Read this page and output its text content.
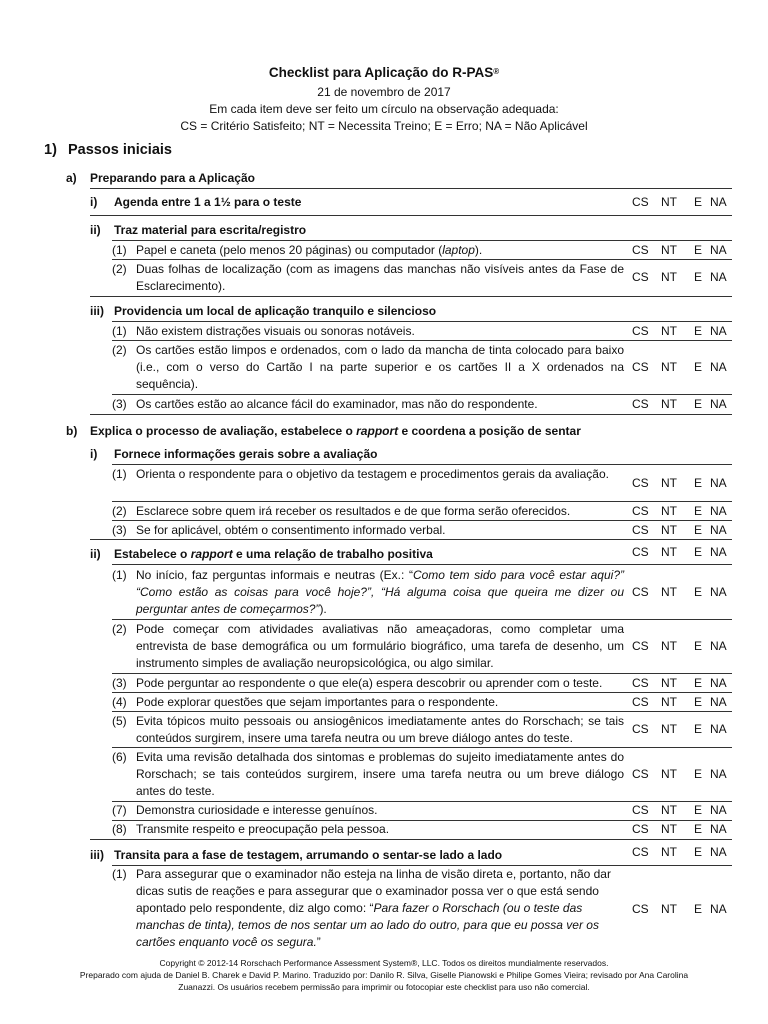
Checklist para Aplicação do R-PAS®
21 de novembro de 2017
Em cada item deve ser feito um círculo na observação adequada:
CS = Critério Satisfeito; NT = Necessita Treino; E = Erro; NA = Não Aplicável
1) Passos iniciais
a) Preparando para a Aplicação
i)	Agenda entre 1 a 1½ para o teste	CS NT E NA
ii)	Traz material para escrita/registro
(1) Papel e caneta (pelo menos 20 páginas) ou computador (laptop).	CS NT E NA
(2) Duas folhas de localização (com as imagens das manchas não visíveis antes da Fase de Esclarecimento).
CS NT E NA
iii) Providencia um local de aplicação tranquilo e silencioso
(1) Não existem distrações visuais ou sonoras notáveis.	CS NT E NA
(2) Os cartões estão limpos e ordenados, com o lado da mancha de tinta colocado para baixo (i.e., com o verso do Cartão I na parte superior e os cartões II a X ordenados na sequência).
CS NT E NA
(3) Os cartões estão ao alcance fácil do examinador, mas não do respondente.	CS NT E NA
b) Explica o processo de avaliação, estabelece o rapport e coordena a posição de sentar
i)	Fornece informações gerais sobre a avaliação
(1) Orienta o respondente para o objetivo da testagem e procedimentos gerais da avaliação.
CS NT E NA
(2) Esclarece sobre quem irá receber os resultados e de que forma serão oferecidos.	CS NT E NA
(3) Se for aplicável, obtém o consentimento informado verbal.	CS NT E NA
ii)	Estabelece o rapport e uma relação de trabalho positiva	CS NT E NA
(1) No início, faz perguntas informais e neutras (Ex.: “Como tem sido para você estar aqui?” “Como estão as coisas para você hoje?”, “Há alguma coisa que queira me dizer ou perguntar antes de começarmos?”).
CS NT E NA
(2) Pode começar com atividades avaliativas não ameaçadoras, como completar uma entrevista de base demográfica ou um formulário biográfico, uma tarefa de desenho, um instrumento simples de avaliação neuropsicológica, ou algo similar.
CS NT E NA
(3) Pode perguntar ao respondente o que ele(a) espera descobrir ou aprender com o teste.	CS NT E NA
(4) Pode explorar questões que sejam importantes para o respondente.	CS NT E NA
(5) Evita tópicos muito pessoais ou ansiogênicos imediatamente antes do Rorschach; se tais conteúdos surgirem, insere uma tarefa neutra ou um breve diálogo antes do teste.
CS NT E NA
(6) Evita uma revisão detalhada dos sintomas e problemas do sujeito imediatamente antes do Rorschach; se tais conteúdos surgirem, insere uma tarefa neutra ou um breve diálogo antes do teste.
CS NT E NA
(7) Demonstra curiosidade e interesse genuínos.	CS NT E NA
(8) Transmite respeito e preocupação pela pessoa.	CS NT E NA
iii) Transita para a fase de testagem, arrumando o sentar-se lado a lado	CS NT E NA
(1) Para assegurar que o examinador não esteja na linha de visão direta e, portanto, não dar dicas sutis de reações e para assegurar que o examinador possa ver o que está sendo apontado pelo respondente, diz algo como: “Para fazer o Rorschach (ou o teste das manchas de tinta), temos de nos sentar um ao lado do outro, para que eu possa ver os cartões enquanto você os segura.”
CS NT E NA
Copyright © 2012-14 Rorschach Performance Assessment System®, LLC. Todos os direitos mundialmente reservados.
Preparado com ajuda de Daniel B. Charek e David P. Marino. Traduzido por: Danilo R. Silva, Giselle Pianowski e Philipe Gomes Vieira; revisado por Ana Carolina
Zuanazzi. Os usuários recebem permissão para imprimir ou fotocopiar este checklist para uso não comercial.
